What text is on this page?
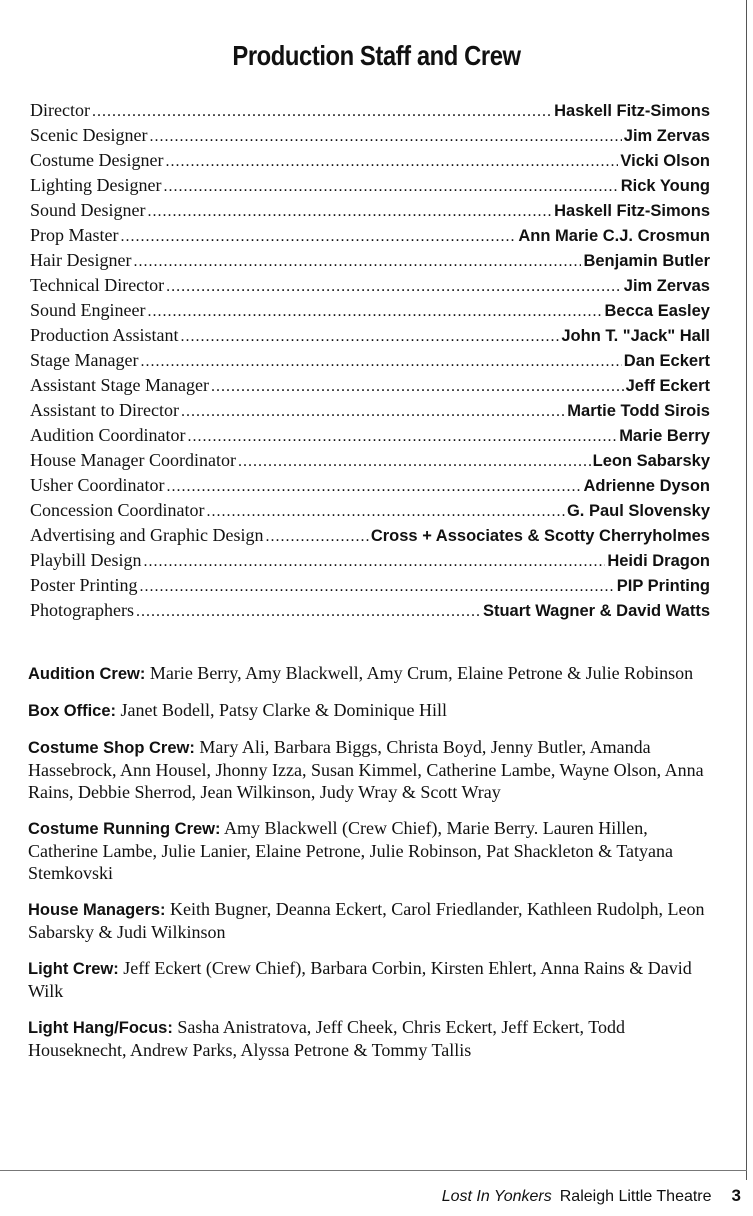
Production Staff and Crew
Director .....	Haskell Fitz-Simons
Scenic Designer .....	Jim Zervas
Costume Designer .....	Vicki Olson
Lighting Designer .....	Rick Young
Sound Designer .....	Haskell Fitz-Simons
Prop Master .....	Ann Marie C.J. Crosmun
Hair Designer .....	Benjamin Butler
Technical Director .....	Jim Zervas
Sound Engineer .....	Becca Easley
Production Assistant .....	John T. "Jack" Hall
Stage Manager .....	Dan Eckert
Assistant Stage Manager .....	Jeff Eckert
Assistant to Director .....	Martie Todd Sirois
Audition Coordinator .....	Marie Berry
House Manager Coordinator .....	Leon Sabarsky
Usher Coordinator .....	Adrienne Dyson
Concession Coordinator .....	G. Paul Slovensky
Advertising and Graphic Design .....	Cross + Associates & Scotty Cherryholmes
Playbill Design .....	Heidi Dragon
Poster Printing .....	PIP Printing
Photographers .....	Stuart Wagner & David Watts
Audition Crew: Marie Berry, Amy Blackwell, Amy Crum, Elaine Petrone & Julie Robinson
Box Office: Janet Bodell, Patsy Clarke & Dominique Hill
Costume Shop Crew: Mary Ali, Barbara Biggs, Christa Boyd, Jenny Butler, Amanda Hassebrock, Ann Housel, Jhonny Izza, Susan Kimmel, Catherine Lambe, Wayne Olson, Anna Rains, Debbie Sherrod, Jean Wilkinson, Judy Wray & Scott Wray
Costume Running Crew: Amy Blackwell (Crew Chief), Marie Berry. Lauren Hillen, Catherine Lambe, Julie Lanier, Elaine Petrone, Julie Robinson, Pat Shackleton & Tatyana Stemkovski
House Managers: Keith Bugner, Deanna Eckert, Carol Friedlander, Kathleen Rudolph, Leon Sabarsky & Judi Wilkinson
Light Crew: Jeff Eckert (Crew Chief), Barbara Corbin, Kirsten Ehlert, Anna Rains & David Wilk
Light Hang/Focus: Sasha Anistratova, Jeff Cheek, Chris Eckert, Jeff Eckert, Todd Houseknecht, Andrew Parks, Alyssa Petrone & Tommy Tallis
Lost In Yonkers Raleigh Little Theatre 3
